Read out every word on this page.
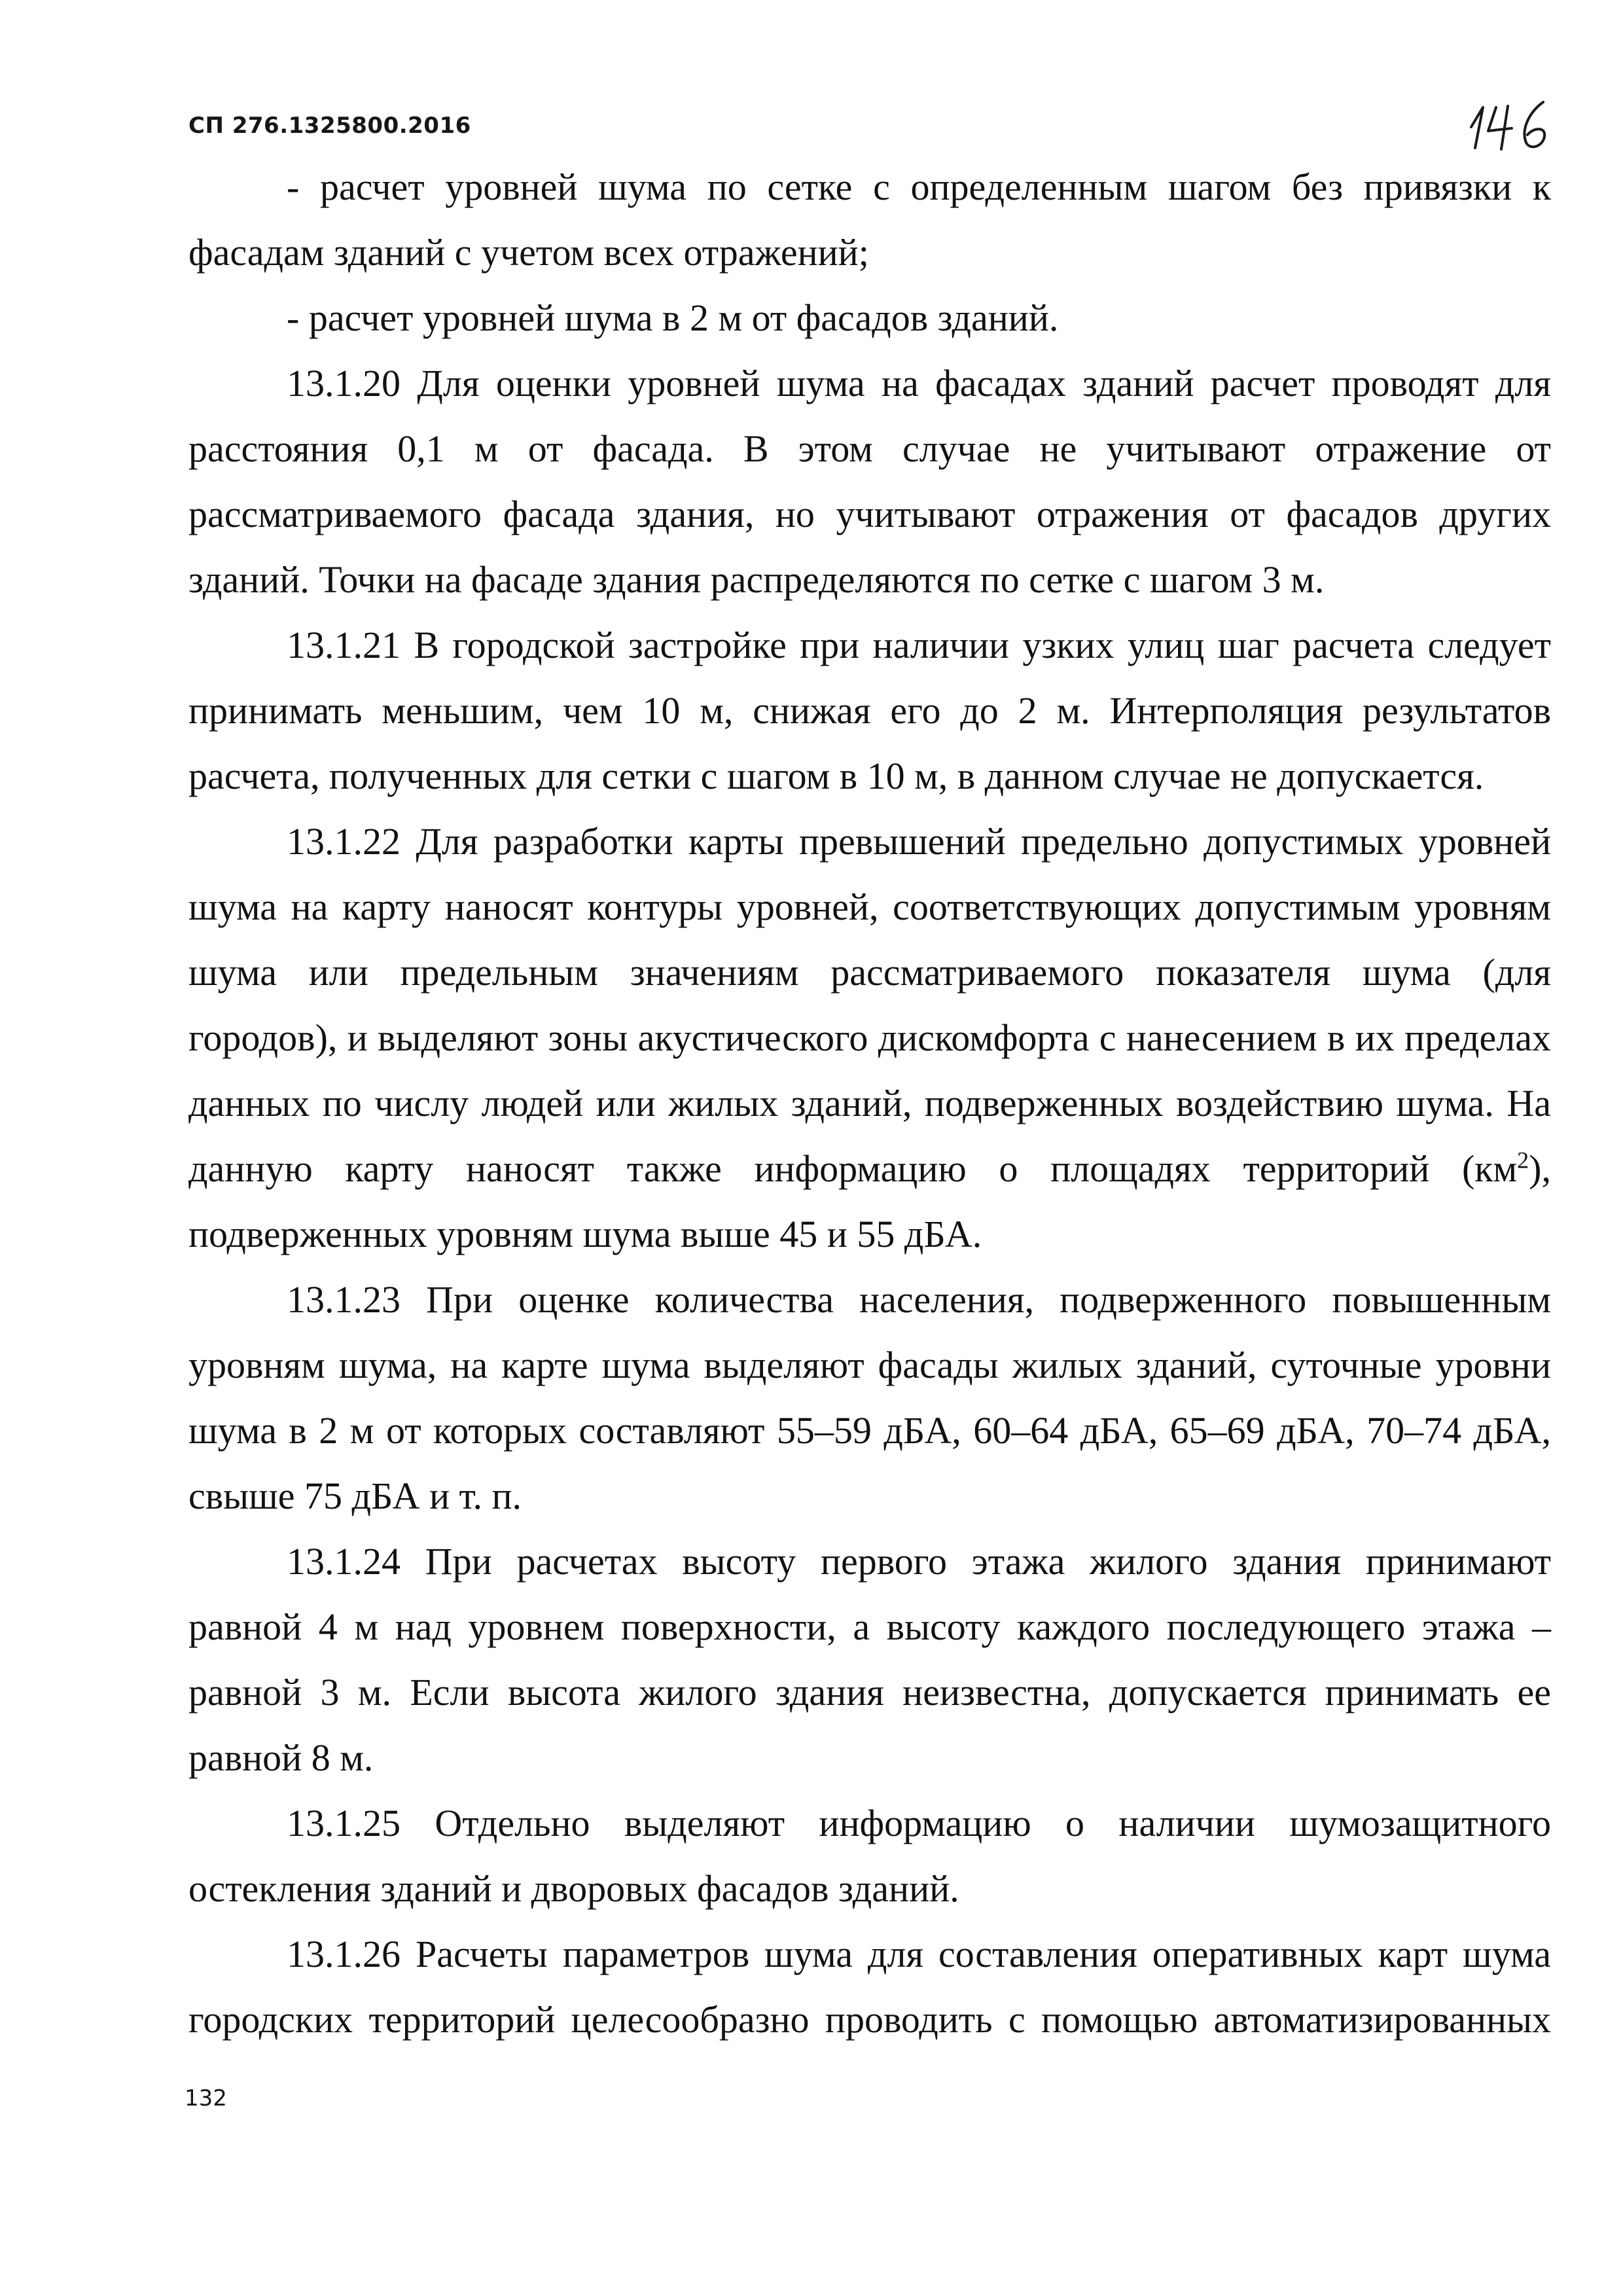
СП 276.1325800.2016

- расчет уровней шума по сетке с определенным шагом без привязки к фасадам зданий с учетом всех отражений;

- расчет уровней шума в 2 м от фасадов зданий.

13.1.20 Для оценки уровней шума на фасадах зданий расчет проводят для расстояния 0,1 м от фасада. В этом случае не учитывают отражение от рассматриваемого фасада здания, но учитывают отражения от фасадов других зданий. Точки на фасаде здания распределяются по сетке с шагом 3 м.

13.1.21 В городской застройке при наличии узких улиц шаг расчета следует принимать меньшим, чем 10 м, снижая его до 2 м. Интерполяция результатов расчета, полученных для сетки с шагом в 10 м, в данном случае не допускается.

13.1.22 Для разработки карты превышений предельно допустимых уровней шума на карту наносят контуры уровней, соответствующих допустимым уровням шума или предельным значениям рассматриваемого показателя шума (для городов), и выделяют зоны акустического дискомфорта с нанесением в их пределах данных по числу людей или жилых зданий, подверженных воздействию шума. На данную карту наносят также информацию о площадях территорий $(км^2)$, подверженных уровням шума выше 45 и 55 дБА.

13.1.23 При оценке количества населения, подверженного повышенным уровням шума, на карте шума выделяют фасады жилых зданий, суточные уровни шума в 2 м от которых составляют 55–59 дБА, 60–64 дБА, 65–69 дБА, 70–74 дБА, свыше 75 дБА и т. п.

13.1.24 При расчетах высоту первого этажа жилого здания принимают равной 4 м над уровнем поверхности, а высоту каждого последующего этажа – равной 3 м. Если высота жилого здания неизвестна, допускается принимать ее равной 8 м.

13.1.25 Отдельно выделяют информацию о наличии шумозащитного остекления зданий и дворовых фасадов зданий.

13.1.26 Расчеты параметров шума для составления оперативных карт шума городских территорий целесообразно проводить с помощью автоматизированных

132
